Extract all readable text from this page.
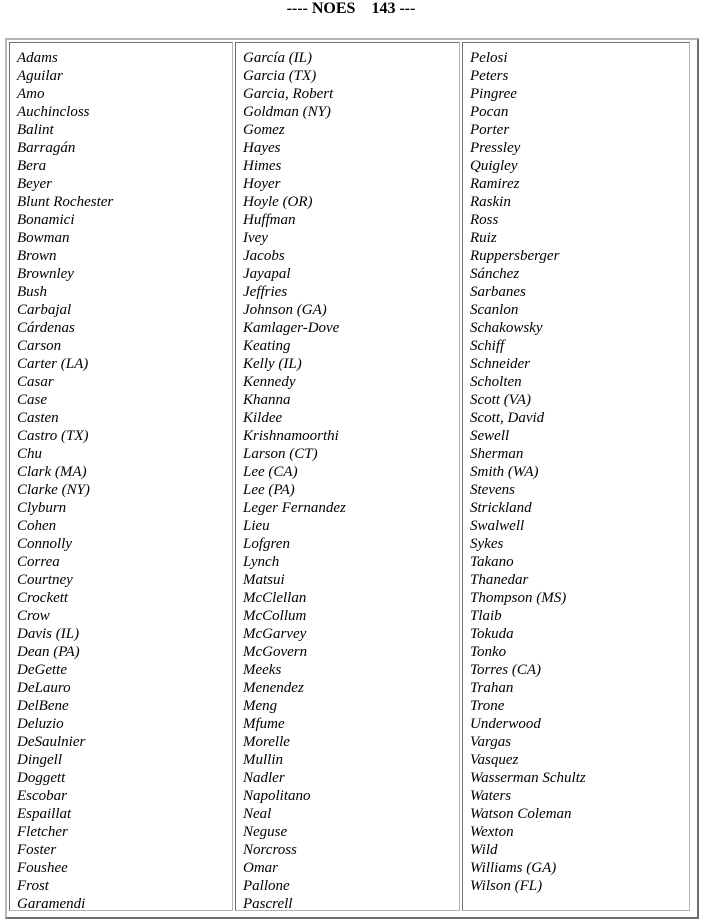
---- NOES    143 ---
Adams
Aguilar
Amo
Auchincloss
Balint
Barragán
Bera
Beyer
Blunt Rochester
Bonamici
Bowman
Brown
Brownley
Bush
Carbajal
Cárdenas
Carson
Carter (LA)
Casar
Case
Casten
Castro (TX)
Chu
Clark (MA)
Clarke (NY)
Clyburn
Cohen
Connolly
Correa
Courtney
Crockett
Crow
Davis (IL)
Dean (PA)
DeGette
DeLauro
DelBene
Deluzio
DeSaulnier
Dingell
Doggett
Escobar
Espaillat
Fletcher
Foster
Foushee
Frost
Garamendi
García (IL)
Garcia (TX)
Garcia, Robert
Goldman (NY)
Gomez
Hayes
Himes
Hoyer
Hoyle (OR)
Huffman
Ivey
Jacobs
Jayapal
Jeffries
Johnson (GA)
Kamlager-Dove
Keating
Kelly (IL)
Kennedy
Khanna
Kildee
Krishnamoorthi
Larson (CT)
Lee (CA)
Lee (PA)
Leger Fernandez
Lieu
Lofgren
Lynch
Matsui
McClellan
McCollum
McGarvey
McGovern
Meeks
Menendez
Meng
Mfume
Morelle
Mullin
Nadler
Napolitano
Neal
Neguse
Norcross
Omar
Pallone
Pascrell
Pelosi
Peters
Pingree
Pocan
Porter
Pressley
Quigley
Ramirez
Raskin
Ross
Ruiz
Ruppersberger
Sánchez
Sarbanes
Scanlon
Schakowsky
Schiff
Schneider
Scholten
Scott (VA)
Scott, David
Sewell
Sherman
Smith (WA)
Stevens
Strickland
Swalwell
Sykes
Takano
Thanedar
Thompson (MS)
Tlaib
Tokuda
Tonko
Torres (CA)
Trahan
Trone
Underwood
Vargas
Vasquez
Wasserman Schultz
Waters
Watson Coleman
Wexton
Wild
Williams (GA)
Wilson (FL)
